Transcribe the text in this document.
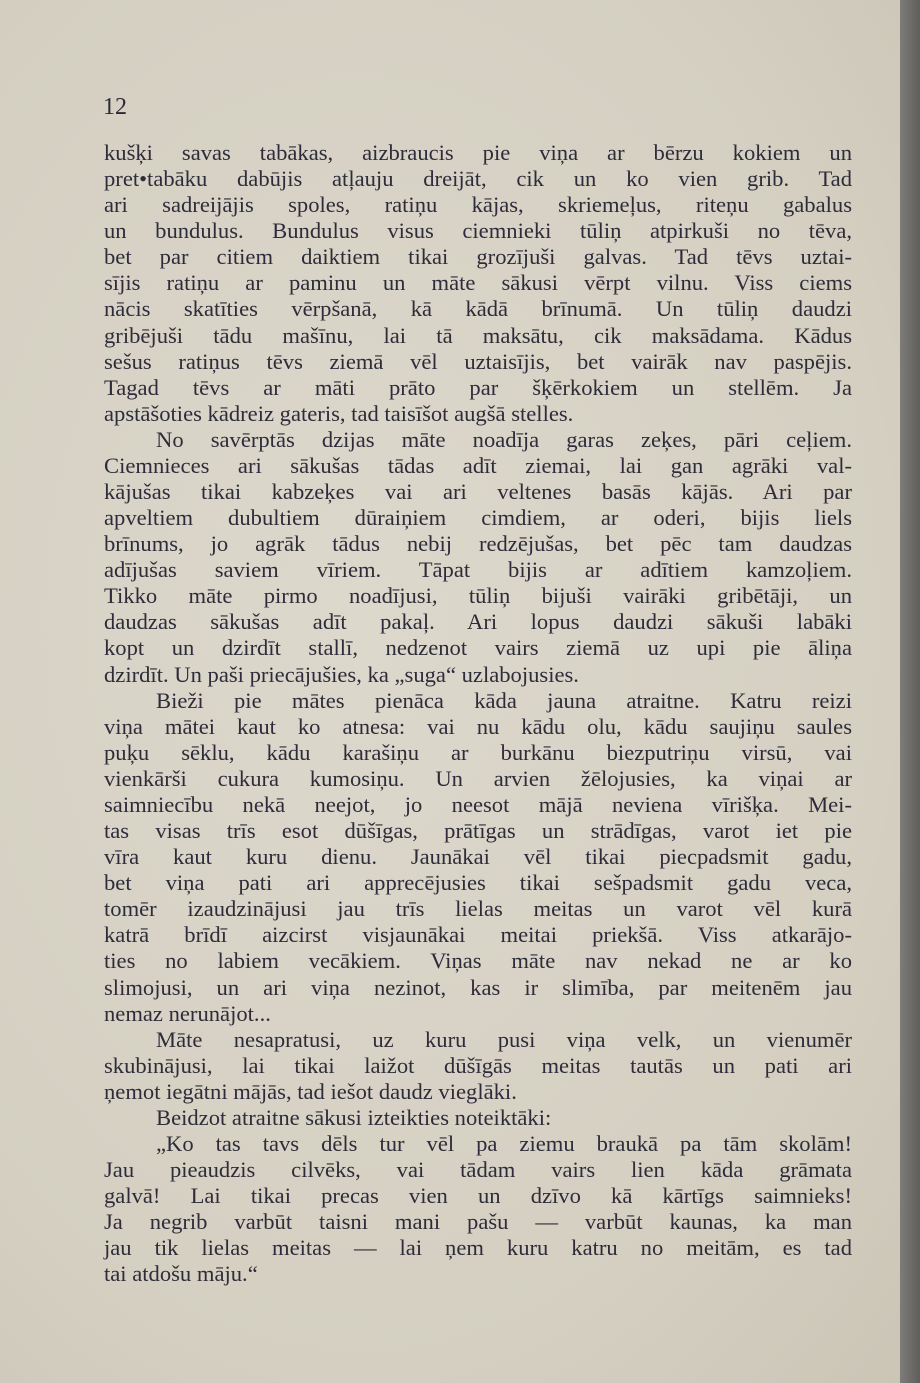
12
kušķi savas tabākas, aizbraucis pie viņa ar bērzu kokiem un
pret•tabāku dabūjis atļauju dreijāt, cik un ko vien grib. Tad
ari sadreijājis spoles, ratiņu kājas, skriemeļus, riteņu gabalus
un bundulus. Bundulus visus ciemnieki tūliņ atpirkuši no tēva,
bet par citiem daiktiem tikai grozījuši galvas. Tad tēvs uztai-
sījis ratiņu ar paminu un māte sākusi vērpt vilnu. Viss ciems
nācis skatīties vērpšanā, kā kādā brīnumā. Un tūliņ daudzi
gribējuši tādu mašīnu, lai tā maksātu, cik maksādama. Kādus
sešus ratiņus tēvs ziemā vēl uztaisījis, bet vairāk nav paspējis.
Tagad tēvs ar māti prāto par šķērkokiem un stellēm. Ja
apstāšoties kādreiz gateris, tad taisīšot augšā stelles.
No savērptās dzijas māte noadīja garas zeķes, pāri ceļiem.
Ciemnieces ari sākušas tādas adīt ziemai, lai gan agrāki val-
kājušas tikai kabzeķes vai ari veltenes basās kājās. Ari par
apveltiem dubultiem dūraiņiem cimdiem, ar oderi, bijis liels
brīnums, jo agrāk tādus nebij redzējušas, bet pēc tam daudzas
adījušas saviem vīriem. Tāpat bijis ar adītiem kamzoļiem.
Tikko māte pirmo noadījusi, tūliņ bijuši vairāki gribētāji, un
daudzas sākušas adīt pakaļ. Ari lopus daudzi sākuši labāki
kopt un dzirdīt stallī, nedzenot vairs ziemā uz upi pie āliņa
dzirdīt. Un paši priecājušies, ka „suga“ uzlabojusies.
Bieži pie mātes pienāca kāda jauna atraitne. Katru reizi
viņa mātei kaut ko atnesa: vai nu kādu olu, kādu saujiņu saules
puķu sēklu, kādu karašiņu ar burkānu biezputriņu virsū, vai
vienkārši cukura kumosiņu. Un arvien žēlojusies, ka viņai ar
saimniecību nekā neejot, jo neesot mājā neviena vīrišķa. Mei-
tas visas trīs esot dūšīgas, prātīgas un strādīgas, varot iet pie
vīra kaut kuru dienu. Jaunākai vēl tikai piecpadsmit gadu,
bet viņa pati ari apprecējusies tikai sešpadsmit gadu veca,
tomēr izaudzinājusi jau trīs lielas meitas un varot vēl kurā
katrā brīdī aizcirst visjaunākai meitai priekšā. Viss atkarājo-
ties no labiem vecākiem. Viņas māte nav nekad ne ar ko
slimojusi, un ari viņa nezinot, kas ir slimība, par meitenēm jau
nemaz nerunājot...
Māte nesapratusi, uz kuru pusi viņa velk, un vienumēr
skubinājusi, lai tikai laižot dūšīgās meitas tautās un pati ari
ņemot iegātni mājās, tad iešot daudz vieglāki.
Beidzot atraitne sākusi izteikties noteiktāki:
„Ko tas tavs dēls tur vēl pa ziemu braukā pa tām skolām!
Jau pieaudzis cilvēks, vai tādam vairs lien kāda grāmata
galvā! Lai tikai precas vien un dzīvo kā kārtīgs saimnieks!
Ja negrib varbūt taisni mani pašu — varbūt kaunas, ka man
jau tik lielas meitas — lai ņem kuru katru no meitām, es tad
tai atdošu māju.“
